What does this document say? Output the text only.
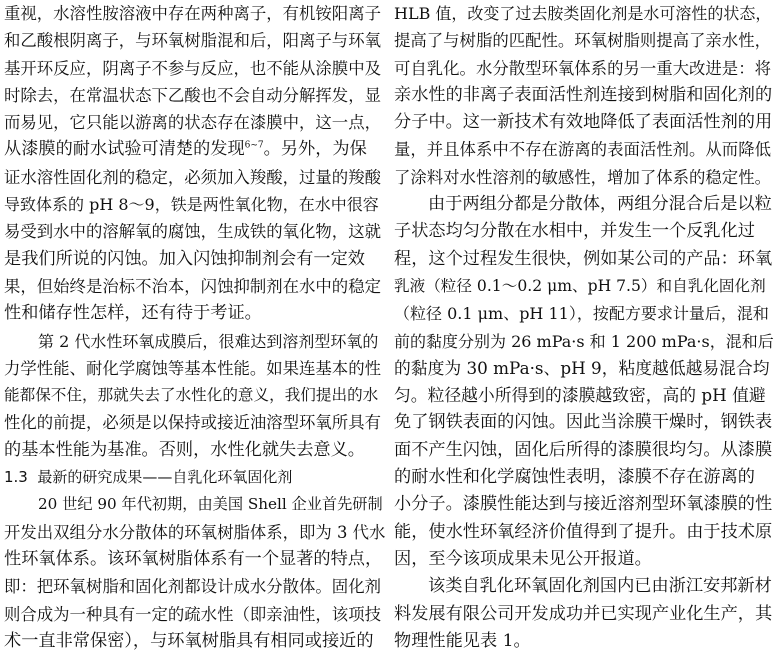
重视，水溶性胺溶液中存在两种离子，有机铵阳离子
和乙酸根阴离子，与环氧树脂混和后，阳离子与环氧
基开环反应，阴离子不参与反应，也不能从涂膜中及
时除去，在常温状态下乙酸也不会自动分解挥发，显
而易见，它只能以游离的状态存在漆膜中，这一点，
从漆膜的耐水试验可清楚的发现$^{6\sim 7}$。另外，为保
证水溶性固化剂的稳定，必须加入羧酸，过量的羧酸
导致体系的 pH 8～9，铁是两性氧化物，在水中很容
易受到水中的溶解氧的腐蚀，生成铁的氧化物，这就
是我们所说的闪蚀。加入闪蚀抑制剂会有一定效
果，但始终是治标不治本，闪蚀抑制剂在水中的稳定
性和储存性怎样，还有待于考证。
第 2 代水性环氧成膜后，很难达到溶剂型环氧的
力学性能、耐化学腐蚀等基本性能。如果连基本的性
能都保不住，那就失去了水性化的意义，我们提出的水
性化的前提，必须是以保持或接近油溶型环氧所具有
的基本性能为基准。否则，水性化就失去意义。
1.3 最新的研究成果——自乳化环氧固化剂
20 世纪 90 年代初期，由美国 Shell 企业首先研制
开发出双组分水分散体的环氧树脂体系，即为 3 代水
性环氧体系。该环氧树脂体系有一个显著的特点，
即：把环氧树脂和固化剂都设计成水分散体。固化剂
则合成为一种具有一定的疏水性（即亲油性，该项技
术一直非常保密），与环氧树脂具有相同或接近的
HLB 值，改变了过去胺类固化剂是水可溶性的状态，
提高了与树脂的匹配性。环氧树脂则提高了亲水性，
可自乳化。水分散型环氧体系的另一重大改进是：将
亲水性的非离子表面活性剂连接到树脂和固化剂的
分子中。这一新技术有效地降低了表面活性剂的用
量，并且体系中不存在游离的表面活性剂。从而降低
了涂料对水性溶剂的敏感性，增加了体系的稳定性。
由于两组分都是分散体，两组分混合后是以粒
子状态均匀分散在水相中，并发生一个反乳化过
程，这个过程发生很快，例如某公司的产品：环氧
乳液（粒径 0.1～0.2 μm、pH 7.5）和自乳化固化剂
（粒径 0.1 μm、pH 11），按配方要求计量后，混和
前的黏度分别为 26 mPa·s 和 1 200 mPa·s，混和后
的黏度为 30 mPa·s、pH 9，粘度越低越易混合均
匀。粒径越小所得到的漆膜越致密，高的 pH 值避
免了钢铁表面的闪蚀。因此当涂膜干燥时，钢铁表
面不产生闪蚀，固化后所得的漆膜很均匀。从漆膜
的耐水性和化学腐蚀性表明，漆膜不存在游离的
小分子。漆膜性能达到与接近溶剂型环氧漆膜的性
能，使水性环氧经济价值得到了提升。由于技术原
因，至今该项成果未见公开报道。
该类自乳化环氧固化剂国内已由浙江安邦新材
料发展有限公司开发成功并已实现产业化生产，其
物理性能见表 1。
